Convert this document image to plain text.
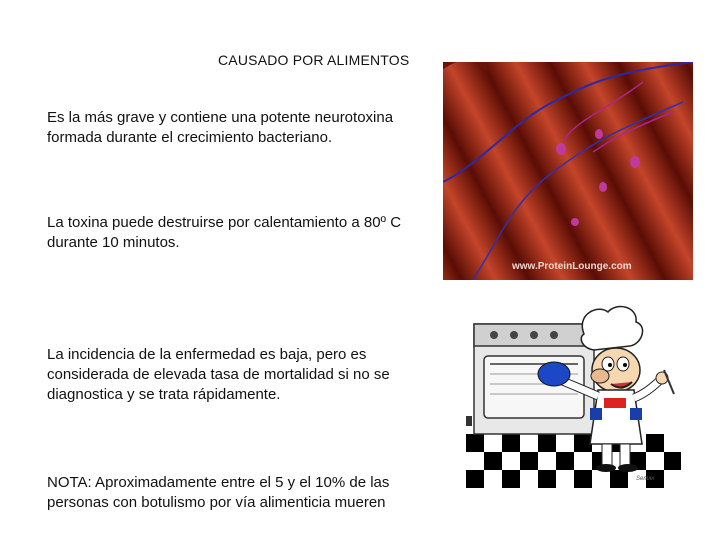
CAUSADO POR ALIMENTOS
Es la más grave y contiene una potente neurotoxina formada durante el crecimiento bacteriano.
La toxina puede destruirse por calentamiento a 80º C durante 10 minutos.
La incidencia de la enfermedad es baja, pero es considerada de elevada tasa de mortalidad si no se diagnostica y se trata rápidamente.
NOTA: Aproximadamente entre el 5 y el 10% de las personas con botulismo por vía alimenticia mueren
www.ProteinLounge.com
Sentier
